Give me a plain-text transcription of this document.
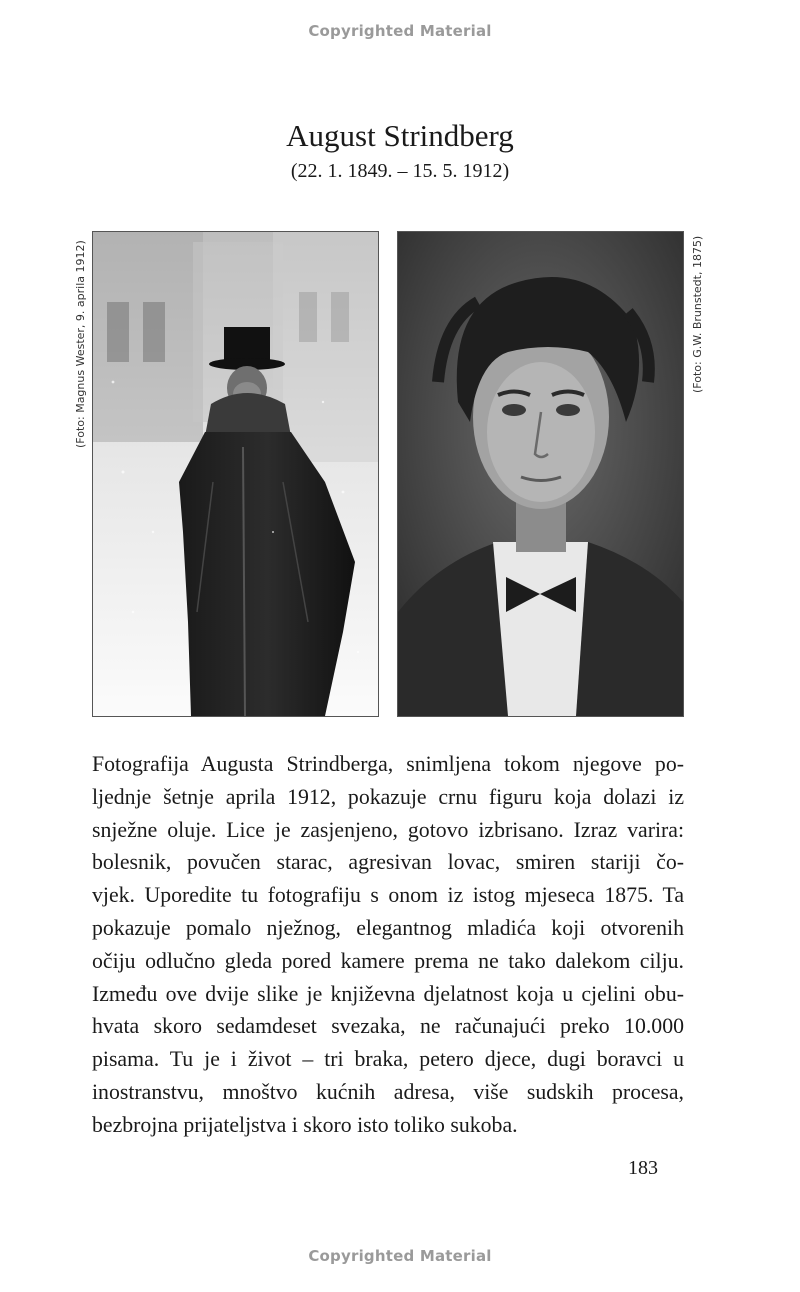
Copyrighted Material
August Strindberg
(22. 1. 1849. – 15. 5. 1912)
(Foto: Magnus Wester, 9. aprila 1912)	(Foto: G.W. Brunstedt, 1875)

Fotografija Augusta Strindberga, snimljena tokom njegove po-
ljednje šetnje aprila 1912, pokazuje crnu figuru koja dolazi iz
snježne oluje. Lice je zasjenjeno, gotovo izbrisano. Izraz varira:
bolesnik, povučen starac, agresivan lovac, smiren stariji čo-
vjek. Uporedite tu fotografiju s onom iz istog mjeseca 1875. Ta
pokazuje pomalo nježnog, elegantnog mladića koji otvorenih
očiju odlučno gleda pored kamere prema ne tako dalekom cilju.
Između ove dvije slike je književna djelatnost koja u cjelini obu-
hvata skoro sedamdeset svezaka, ne računajući preko 10.000
pisama. Tu je i život – tri braka, petero djece, dugi boravci u
inostranstvu, mnoštvo kućnih adresa, više sudskih procesa,
bezbrojna prijateljstva i skoro isto toliko sukoba.

183
Copyrighted Material
